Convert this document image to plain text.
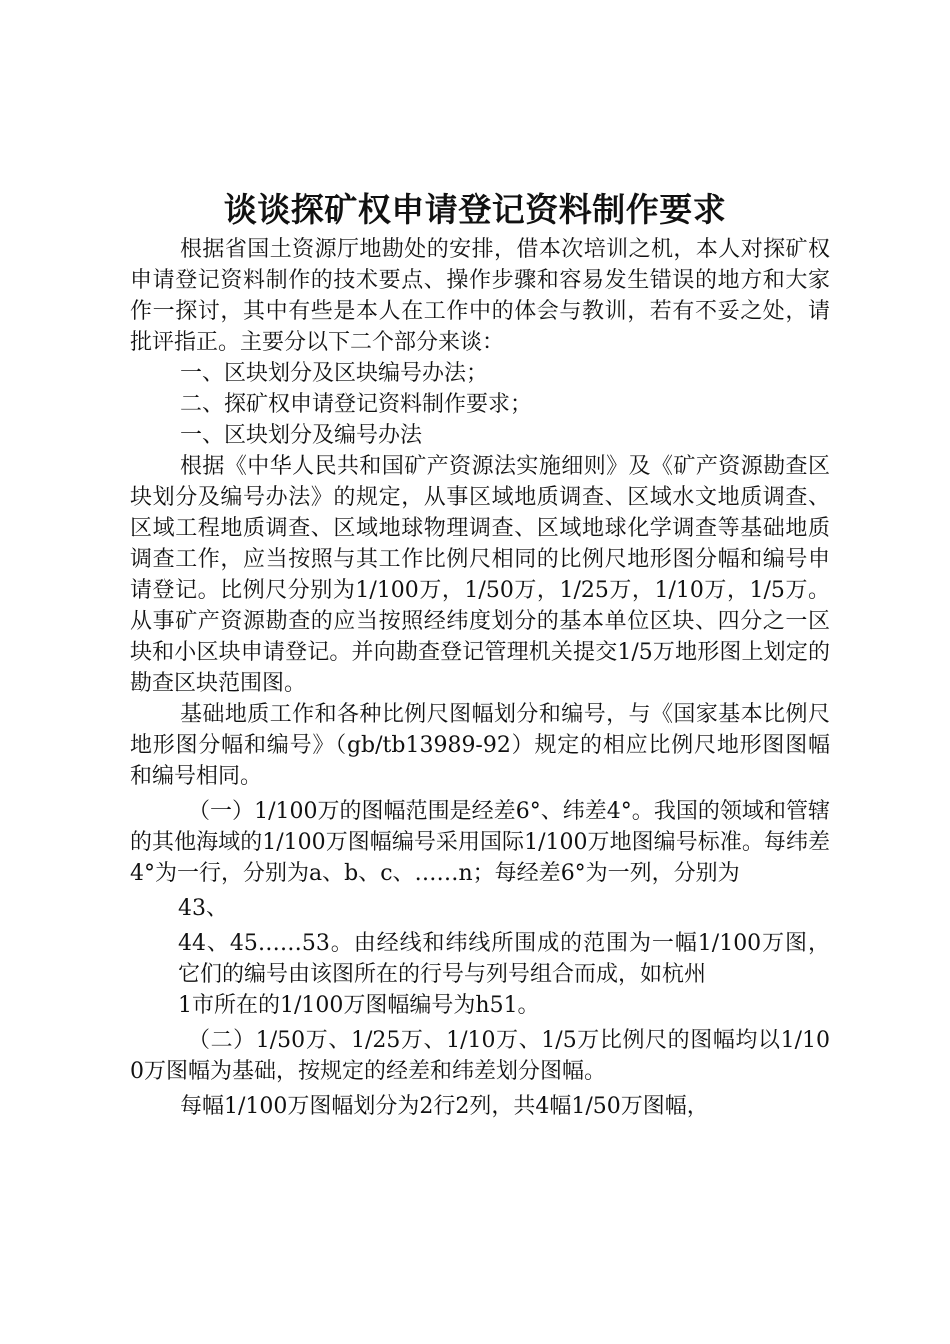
谈谈探矿权申请登记资料制作要求

根据省国土资源厅地勘处的安排，借本次培训之机，本人对探矿权申请登记资料制作的技术要点、操作步骤和容易发生错误的地方和大家作一探讨，其中有些是本人在工作中的体会与教训，若有不妥之处，请批评指正。主要分以下二个部分来谈：

一、区块划分及区块编号办法；

二、探矿权申请登记资料制作要求；

一、区块划分及编号办法

根据《中华人民共和国矿产资源法实施细则》及《矿产资源勘查区块划分及编号办法》的规定，从事区域地质调查、区域水文地质调查、区域工程地质调查、区域地球物理调查、区域地球化学调查等基础地质调查工作，应当按照与其工作比例尺相同的比例尺地形图分幅和编号申请登记。比例尺分别为1/100万，1/50万，1/25万，1/10万，1/5万。从事矿产资源勘查的应当按照经纬度划分的基本单位区块、四分之一区块和小区块申请登记。并向勘查登记管理机关提交1/5万地形图上划定的勘查区块范围图。

基础地质工作和各种比例尺图幅划分和编号，与《国家基本比例尺地形图分幅和编号》（gb/tb13989-92）规定的相应比例尺地形图图幅和编号相同。

（一）1/100万的图幅范围是经差6°、纬差4°。我国的领域和管辖的其他海域的1/100万图幅编号采用国际1/100万地图编号标准。每纬差4°为一行，分别为a、b、c、……n；每经差6°为一列，分别为

43、

44、45……53。由经线和纬线所围成的范围为一幅1/100万图，它们的编号由该图所在的行号与列号组合而成，如杭州

1市所在的1/100万图幅编号为h51。

（二）1/50万、1/25万、1/10万、1/5万比例尺的图幅均以1/100万图幅为基础，按规定的经差和纬差划分图幅。

每幅1/100万图幅划分为2行2列，共4幅1/50万图幅，
